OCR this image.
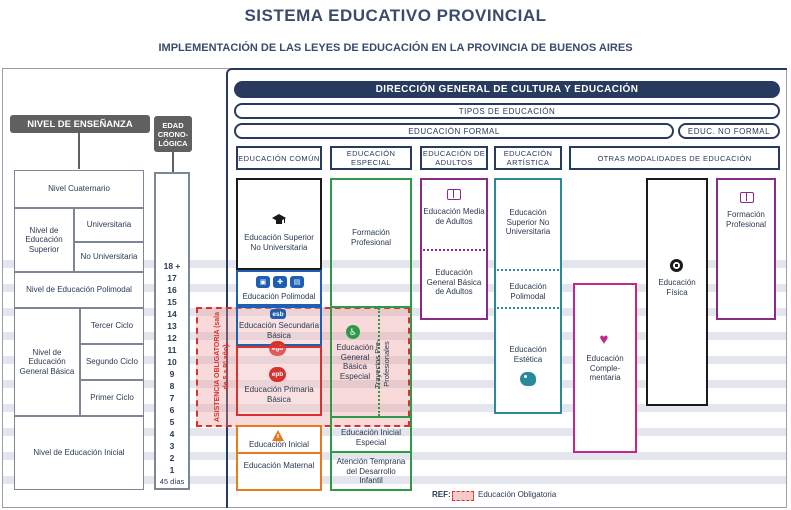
SISTEMA EDUCATIVO PROVINCIAL
IMPLEMENTACIÓN DE LAS LEYES DE EDUCACIÓN EN LA PROVINCIA DE BUENOS AIRES
NIVEL DE ENSEÑANZA	EDAD CRONO- LÓGICA
Nivel Cuaternario
Nivel de Educación Superior
Universitaria
No Universitaria
Nivel de Educación Polimodal
Nivel de Educación General Básica
Tercer Ciclo
Segundo Ciclo
Primer Ciclo
Nivel de Educación Inicial
18 +
17
16
15
14
13
12
11
10
9
8
7
6
5
4
3
2
1
45 días
ASISTENCIA OBLIGATORIA (sala de 5 a 9º año)
DIRECCIÓN GENERAL DE CULTURA Y EDUCACIÓN
TIPOS DE EDUCACIÓN
EDUCACIÓN FORMAL	EDUC. NO FORMAL
EDUCACIÓN COMÚN	EDUCACIÓN ESPECIAL
EDUCACIÓN DE ADULTOS
EDUCACIÓN ARTÍSTICA	OTRAS MODALIDADES DE EDUCACIÓN
Educación Superior No Universitaria
▣	✚	▤
Educación Polimodal
esb
Educación Secundaria Básica
egb
epb
Educación Primaria Básica
Educación Inicial
Educación Maternal
Formación Profesional
♿
Educación General Básica Especial Trayectos Pre- Profesionales
Educación Inicial Especial
Atención Temprana del Desarrollo Infantil
Educación Media de Adultos
Educación General Básica de Adultos
Educación Superior No Universitaria
Educación Polimodal
Educación Estética
♥
Educación Comple- mentaria
Educación Física
Formación Profesional
REF:	Educación Obligatoria
